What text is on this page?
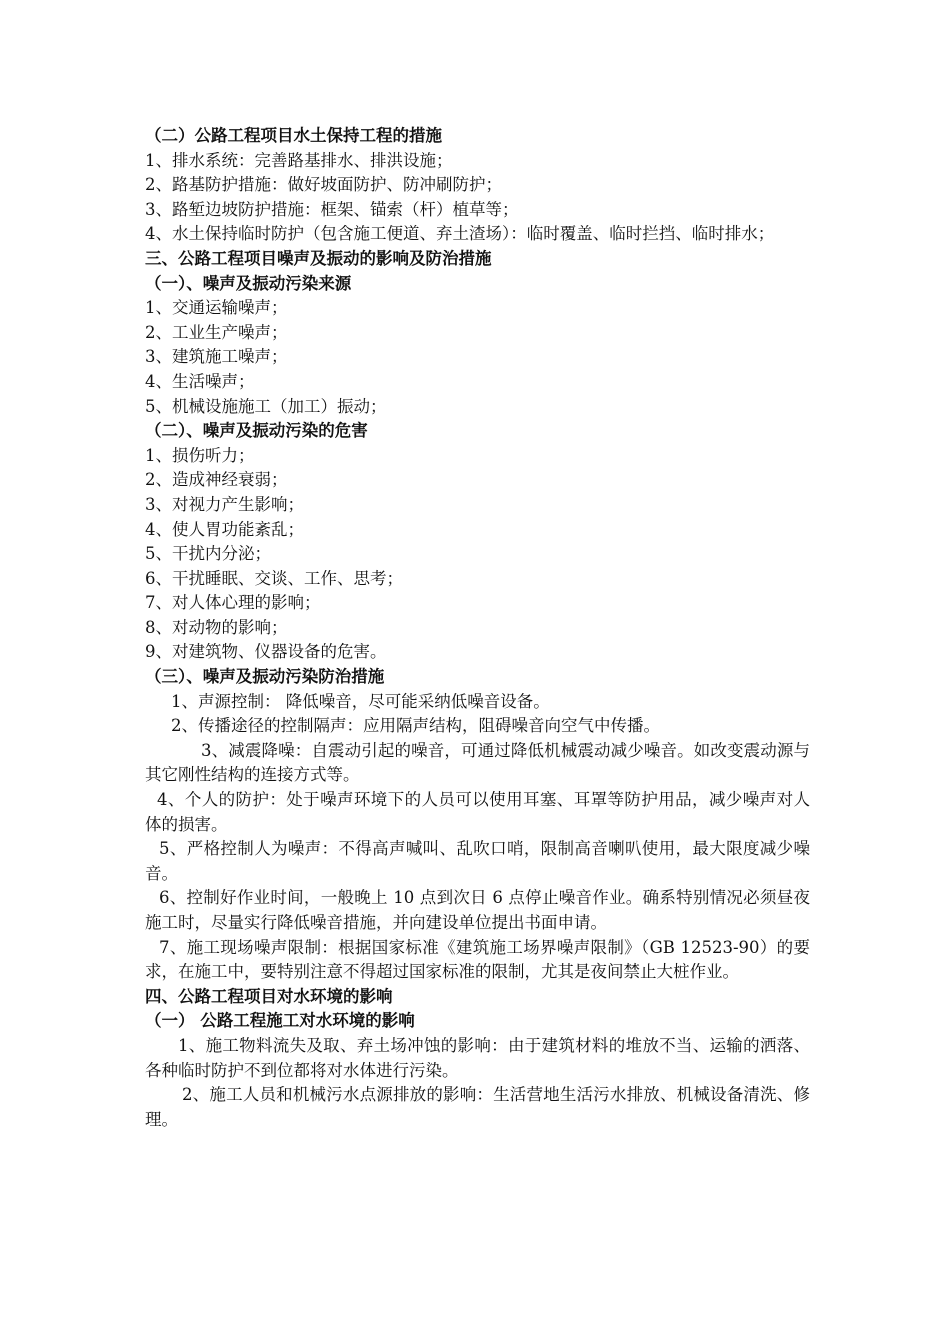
（二）公路工程项目水土保持工程的措施
1、排水系统：完善路基排水、排洪设施；
2、路基防护措施：做好坡面防护、防冲刷防护；
3、路堑边坡防护措施：框架、锚索（杆）植草等；
4、水土保持临时防护（包含施工便道、弃土渣场）：临时覆盖、临时拦挡、临时排水；
三、公路工程项目噪声及振动的影响及防治措施
（一）、噪声及振动污染来源
1、交通运输噪声；
2、工业生产噪声；
3、建筑施工噪声；
4、生活噪声；
5、机械设施施工（加工）振动；
（二）、噪声及振动污染的危害
1、损伤听力；
2、造成神经衰弱；
3、对视力产生影响；
4、使人胃功能紊乱；
5、干扰内分泌；
6、干扰睡眠、交谈、工作、思考；
7、对人体心理的影响；
8、对动物的影响；
9、对建筑物、仪器设备的危害。
（三）、噪声及振动污染防治措施
1、声源控制： 降低噪音，尽可能采纳低噪音设备。
2、传播途径的控制隔声：应用隔声结构，阻碍噪音向空气中传播。
3、减震降噪：自震动引起的噪音，可通过降低机械震动减少噪音。如改变震动源与其它刚性结构的连接方式等。
4、个人的防护：处于噪声环境下的人员可以使用耳塞、耳罩等防护用品，减少噪声对人体的损害。
5、严格控制人为噪声：不得高声喊叫、乱吹口哨，限制高音喇叭使用，最大限度减少噪音。
6、控制好作业时间，一般晚上 10 点到次日 6 点停止噪音作业。确系特别情况必须昼夜施工时，尽量实行降低噪音措施，并向建设单位提出书面申请。
7、施工现场噪声限制：根据国家标准《建筑施工场界噪声限制》（GB 12523-90）的要求，在施工中，要特别注意不得超过国家标准的限制，尤其是夜间禁止大桩作业。
四、公路工程项目对水环境的影响
（一） 公路工程施工对水环境的影响
1、施工物料流失及取、弃土场冲蚀的影响：由于建筑材料的堆放不当、运输的洒落、各种临时防护不到位都将对水体进行污染。
2、施工人员和机械污水点源排放的影响：生活营地生活污水排放、机械设备清洗、修理。
